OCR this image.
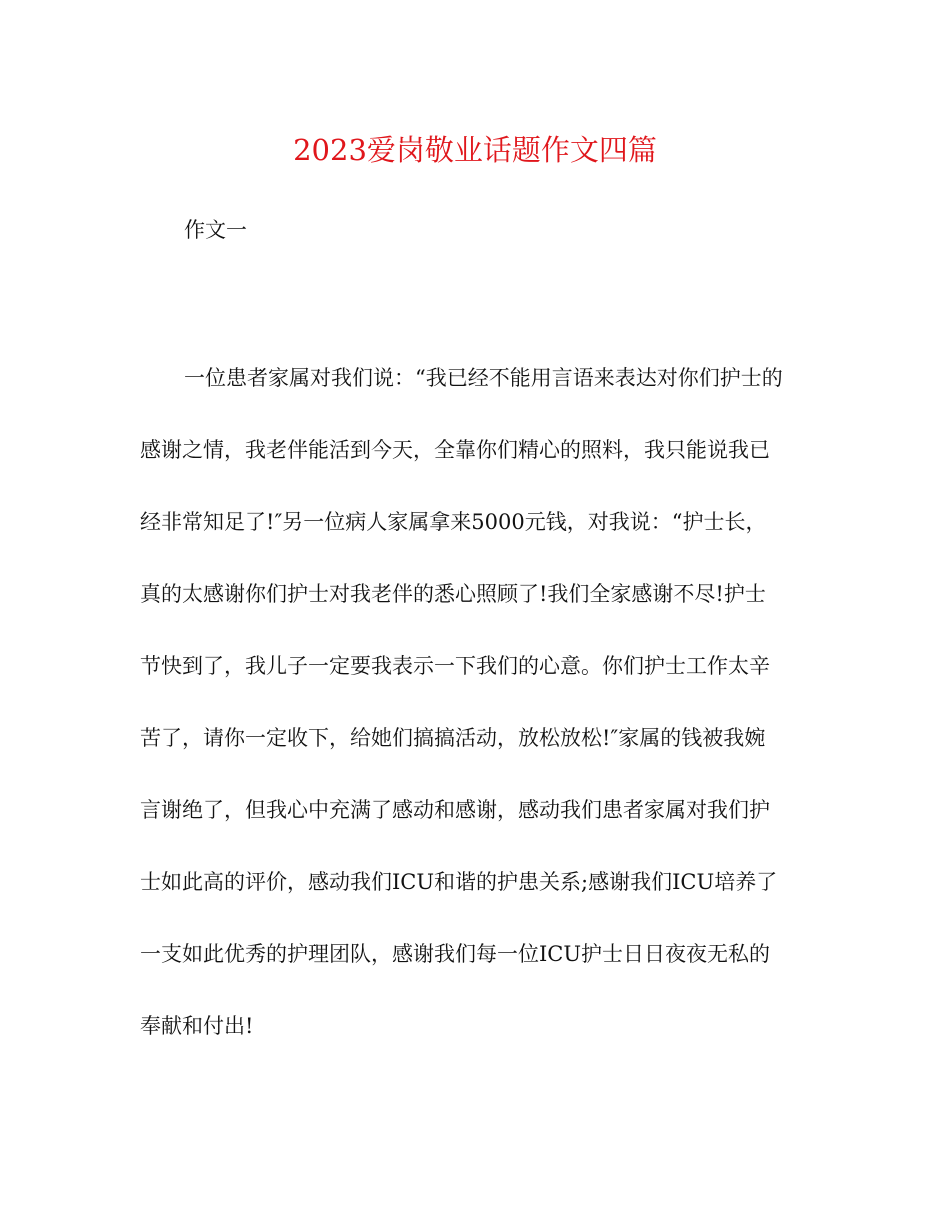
2023爱岗敬业话题作文四篇
作文一
一位患者家属对我们说：“我已经不能用言语来表达对你们护士的
感谢之情，我老伴能活到今天，全靠你们精心的照料，我只能说我已
经非常知足了!″另一位病人家属拿来5000元钱，对我说：“护士长，
真的太感谢你们护士对我老伴的悉心照顾了!我们全家感谢不尽!护士
节快到了，我儿子一定要我表示一下我们的心意。你们护士工作太辛
苦了，请你一定收下，给她们搞搞活动，放松放松!″家属的钱被我婉
言谢绝了，但我心中充满了感动和感谢，感动我们患者家属对我们护
士如此高的评价，感动我们ICU和谐的护患关系;感谢我们ICU培养了
一支如此优秀的护理团队，感谢我们每一位ICU护士日日夜夜无私的
奉献和付出!
